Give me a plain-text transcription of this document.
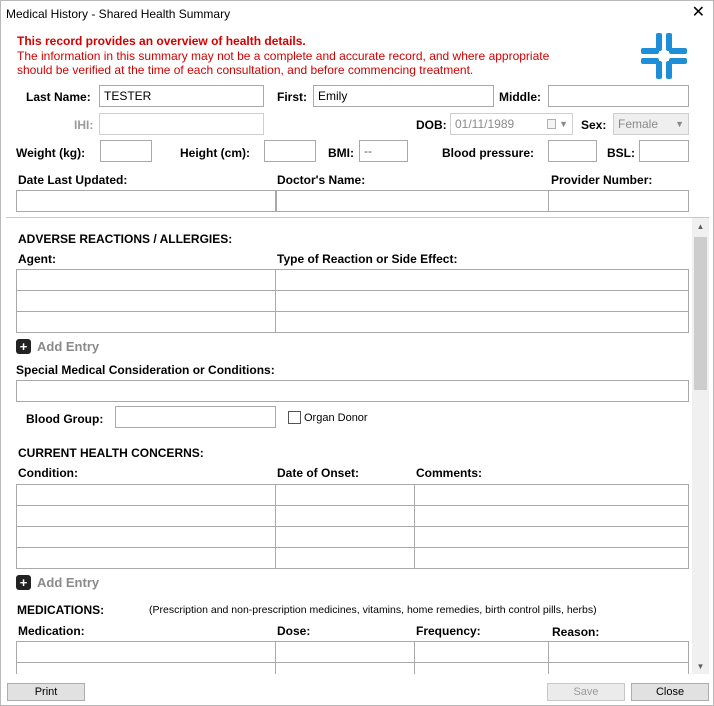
Medical History - Shared Health Summary	✕
This record provides an overview of health details.
The information in this summary may not be a complete and accurate record, and where appropriate
should be verified at the time of each consultation, and before commencing treatment.
Last Name:	TESTER	First: Emily	Middle:
IHI:	DOB: 01/11/1989	▼ Sex: Female ▼
Weight (kg):	Height (cm):	BMI: --	Blood pressure:	BSL:
Date Last Updated:	Doctor's Name:	Provider Number:
ADVERSE REACTIONS / ALLERGIES:
Agent:	Type of Reaction or Side Effect:

+ Add Entry
Special Medical Consideration or Conditions:
Blood Group:	Organ Donor
CURRENT HEALTH CONCERNS:
Condition:	Date of Onset:	Comments:

+ Add Entry
MEDICATIONS:	(Prescription and non-prescription medicines, vitamins, home remedies, birth control pills, herbs)
Medication:	Dose:	Frequency:	Reason:

▲
▼
Print	Save	Close
